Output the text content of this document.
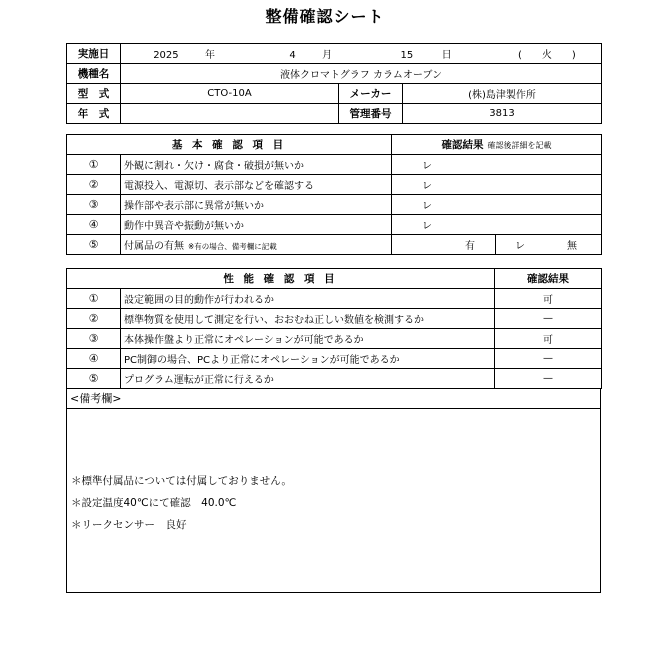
整備確認シート
実施日	2025 年 4 月 15 日 (　　火　　)		
機種名	液体クロマトグラフ カラムオーブン		
型　式	CTO-10A	メーカー	(株)島津製作所
年　式		管理番号	3813
基 本 確 認 項 目		確認結果 確認後詳細を記載	
①	外観に割れ・欠け・腐食・破損が無いか	レ	
②	電源投入、電源切、表示部などを確認する	レ	
③	操作部や表示部に異常が無いか	レ	
④	動作中異音や振動が無いか	レ	
⑤	付属品の有無 ※有の場合、備考欄に記載	有	レ 無
性 能 確 認 項 目		確認結果
①	設定範囲の目的動作が行われるか	可
②	標準物質を使用して測定を行い、おおむね正しい数値を検測するか	—
③	本体操作盤より正常にオペレーションが可能であるか	可
④	PC制御の場合、PCより正常にオペレーションが可能であるか	—
⑤	プログラム運転が正常に行えるか	—
<備考欄>
＊標準付属品については付属しておりません。
＊設定温度40℃にて確認　40.0℃
＊リークセンサー　良好
